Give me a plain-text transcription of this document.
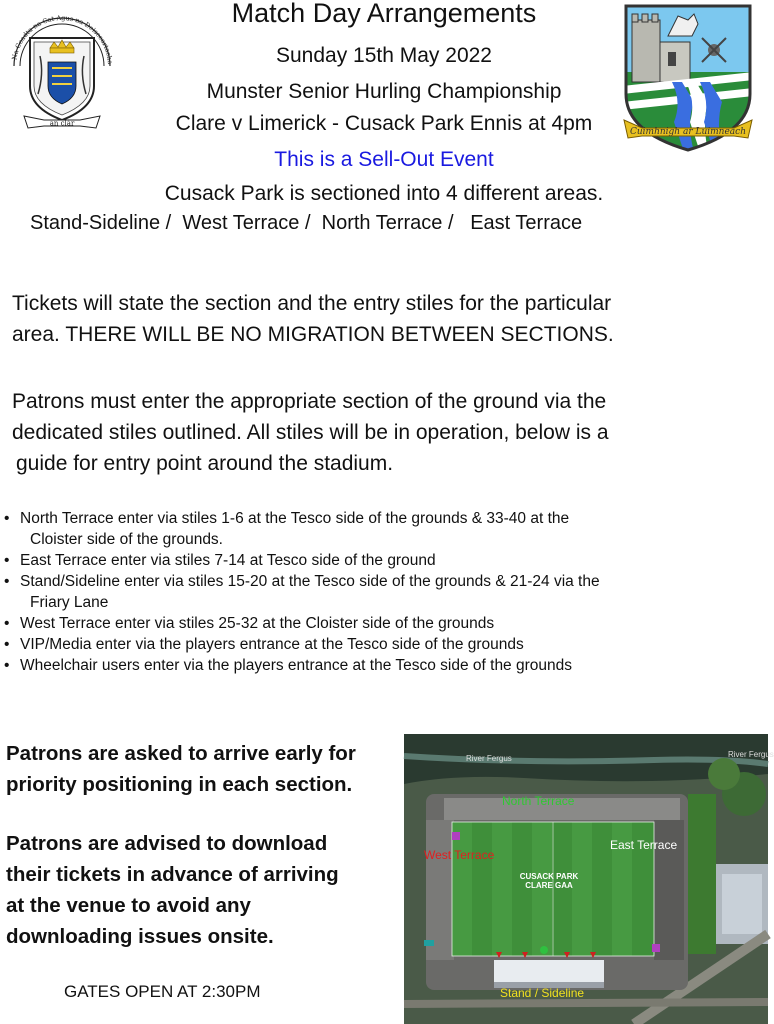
Match Day Arrangements
Sunday 15th May 2022
Munster Senior Hurling Championship
Clare v Limerick - Cusack Park Ennis at 4pm
This is a Sell-Out Event
Cusack Park is sectioned into 4 different areas.
Stand-Sideline /  West Terrace /  North Terrace /   East Terrace
Na Ceadta na Cat Agus na Deisceartacha
an clár
Cuimhnigh ar Luimneach
Tickets will state the section and the entry stiles for the particular
area. THERE WILL BE NO MIGRATION BETWEEN SECTIONS.
Patrons must enter the appropriate section of the ground via the
dedicated stiles outlined. All stiles will be in operation, below is a
guide for entry point around the stadium.
• North Terrace enter via stiles 1-6 at the Tesco side of the grounds & 33-40 at the
Cloister side of the grounds.
• East Terrace enter via stiles 7-14 at Tesco side of the ground
• Stand/Sideline enter via stiles 15-20 at the Tesco side of the grounds & 21-24 via the
Friary Lane
• West Terrace enter via stiles 25-32 at the Cloister side of the grounds
• VIP/Media enter via the players entrance at the Tesco side of the grounds
• Wheelchair users enter via the players entrance at the Tesco side of the grounds
Patrons are asked to arrive early for
priority positioning in each section.
Patrons are advised to download
their tickets in advance of arriving
at the venue to avoid any
downloading issues onsite.
GATES OPEN AT 2:30PM
River Fergus	River Fergus
North Terrace
East Terrace
West Terrace
CUSACK PARK
CLARE GAA
Stand / Sideline
